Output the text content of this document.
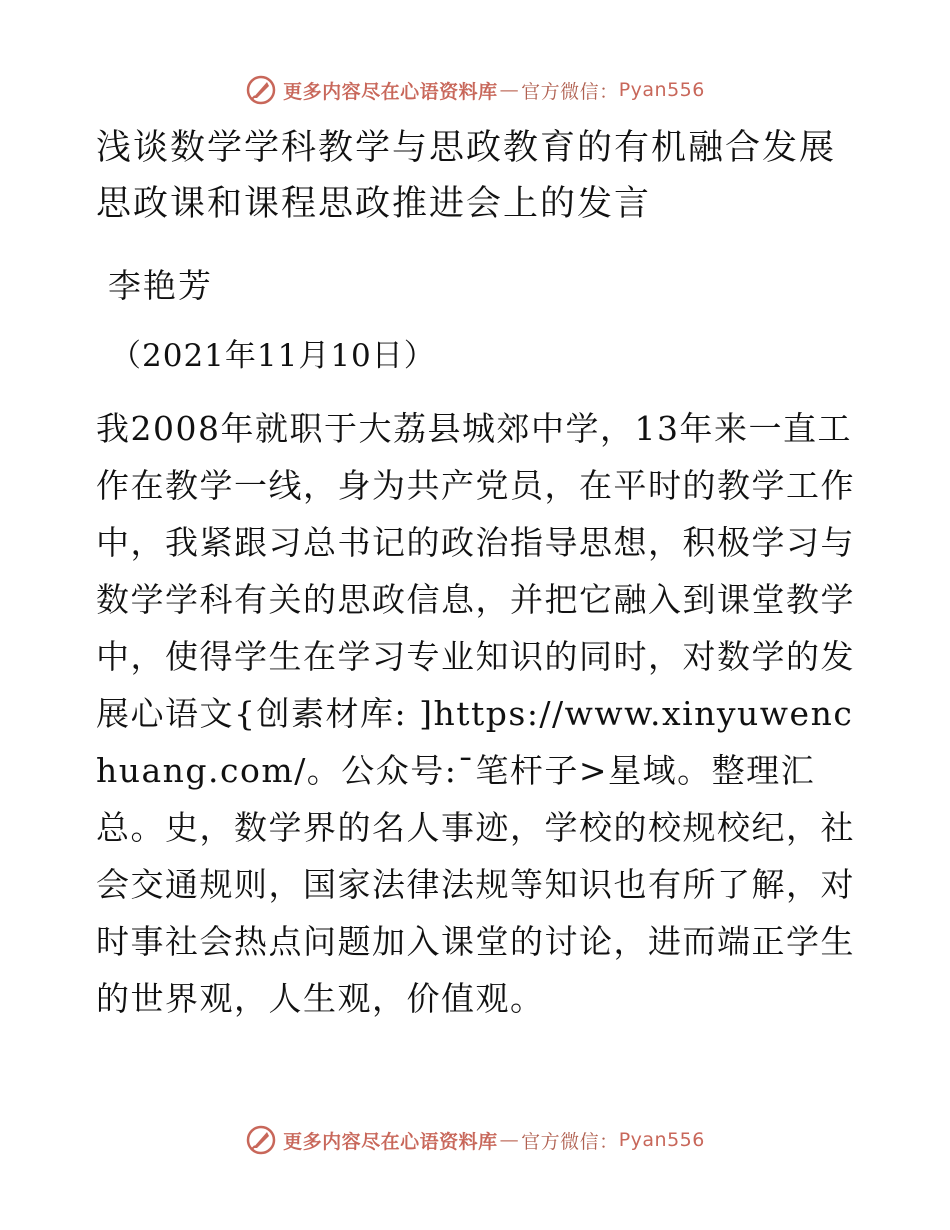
更多内容尽在心语资料库 — 官方微信： Pyan556
浅谈数学学科教学与思政教育的有机融合发展思政课和课程思政推进会上的发言
李艳芳
（2021年11月10日）

我2008年就职于大荔县城郊中学，13年来一直工作在教学一线，身为共产党员，在平时的教学工作中，我紧跟习总书记的政治指导思想，积极学习与数学学科有关的思政信息，并把它融入到课堂教学中，使得学生在学习专业知识的同时，对数学的发展心语文{创素材库: ]https://www.xinyuwenchuang.com/。公众号:¯笔杆子>星域。整理汇总。史，数学界的名人事迹，学校的校规校纪，社会交通规则，国家法律法规等知识也有所了解，对时事社会热点问题加入课堂的讨论，进而端正学生的世界观，人生观，价值观。

更多内容尽在心语资料库 — 官方微信： Pyan556
